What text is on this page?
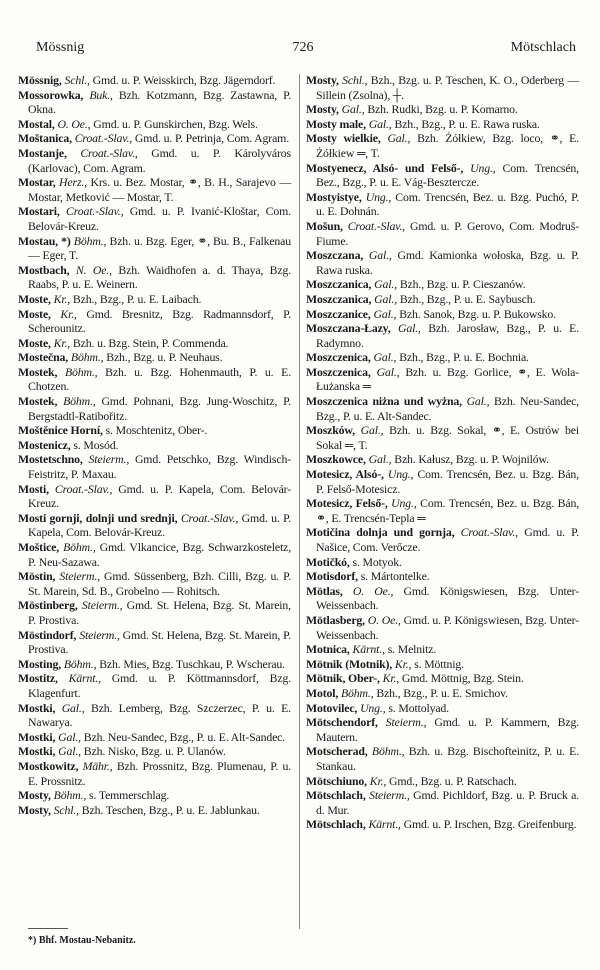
Mössnig	726	Mötschlach

Mössnig, Schl., Gmd. u. P. Weisskirch, Bzg. Jägerndorf.

Mossorowka, Buk., Bzh. Kotzmann, Bzg. Zastawna, P. Okna.

Mostal, O. Oe., Gmd. u. P. Gunskirchen, Bzg. Wels.

Moštanica, Croat.-Slav., Gmd. u. P. Petrinja, Com. Agram.

Mostanje, Croat.-Slav., Gmd. u. P. Károlyváros (Karlovac), Com. Agram.

Mostar, Herz., Krs. u. Bez. Mostar, ⚭, B. H., Sarajevo — Mostar, Metković — Mostar, T.

Mostari, Croat.-Slav., Gmd. u. P. Ivanić-Kloštar, Com. Belovár-Kreuz.

Mostau, *) Böhm., Bzh. u. Bzg. Eger, ⚭, Bu. B., Falkenau — Eger, T.

Mostbach, N. Oe., Bzh. Waidhofen a. d. Thaya, Bzg. Raabs, P. u. E. Weinern.

Moste, Kr., Bzh., Bzg., P. u. E. Laibach.

Moste, Kr., Gmd. Bresnitz, Bzg. Radmannsdorf, P. Scherounitz.

Moste, Kr., Bzh. u. Bzg. Stein, P. Commenda.

Mostečna, Böhm., Bzh., Bzg. u. P. Neuhaus.

Mostek, Böhm., Bzh. u. Bzg. Hohenmauth, P. u. E. Chotzen.

Mostek, Böhm., Gmd. Pohnani, Bzg. Jung-Woschitz, P. Bergstadtl-Ratibořitz.

Moštěnice Horní, s. Moschtenitz, Ober-.

Mostenicz, s. Mosód.

Mostetschno, Steierm., Gmd. Petschko, Bzg. Windisch-Feistritz, P. Maxau.

Mosti, Croat.-Slav., Gmd. u. P. Kapela, Com. Belovár-Kreuz.

Mosti gornji, dolnji und srednji, Croat.-Slav., Gmd. u. P. Kapela, Com. Belovár-Kreuz.

Moštice, Böhm., Gmd. Vlkancice, Bzg. Schwarzkosteletz, P. Neu-Sazawa.

Möstin, Steierm., Gmd. Süssenberg, Bzh. Cilli, Bzg. u. P. St. Marein, Sd. B., Grobelno — Rohitsch.

Möstinberg, Steierm., Gmd. St. Helena, Bzg. St. Marein, P. Prostiva.

Möstindorf, Steierm., Gmd. St. Helena, Bzg. St. Marein, P. Prostiva.

Mosting, Böhm., Bzh. Mies, Bzg. Tuschkau, P. Wscherau.

Mostitz, Kärnt., Gmd. u. P. Köttmannsdorf, Bzg. Klagenfurt.

Mostki, Gal., Bzh. Lemberg, Bzg. Szczerzec, P. u. E. Nawarya.

Mostki, Gal., Bzh. Neu-Sandec, Bzg., P. u. E. Alt-Sandec.

Mostki, Gal., Bzh. Nisko, Bzg. u. P. Ulanów.

Mostkowitz, Mähr., Bzh. Prossnitz, Bzg. Plumenau, P. u. E. Prossnitz.

Mosty, Böhm., s. Temmerschlag.

Mosty, Schl., Bzh. Teschen, Bzg., P. u. E. Jablunkau.

Mosty, Schl., Bzh., Bzg. u. P. Teschen, K. O., Oderberg — Sillein (Zsolna), ┼.

Mosty, Gal., Bzh. Rudki, Bzg. u. P. Komarno.

Mosty male, Gal., Bzh., Bzg., P. u. E. Rawa ruska.

Mosty wielkie, Gal., Bzh. Żółkiew, Bzg. loco, ⚭, E. Żółkiew ═, T.

Mostyenecz, Alsó- und Felső-, Ung., Com. Trencsén, Bez., Bzg., P. u. E. Vág-Besztercze.

Mostyistye, Ung., Com. Trencsén, Bez. u. Bzg. Puchó, P. u. E. Dohnán.

Mošun, Croat.-Slav., Gmd. u. P. Gerovo, Com. Modruš-Fiume.

Moszczana, Gal., Gmd. Kamionka wołoska, Bzg. u. P. Rawa ruska.

Moszczanica, Gal., Bzh., Bzg. u. P. Cieszanów.

Moszczanica, Gal., Bzh., Bzg., P. u. E. Saybusch.

Moszczanice, Gal., Bzh. Sanok, Bzg. u. P. Bukowsko.

Moszczana-Łazy, Gal., Bzh. Jarosław, Bzg., P. u. E. Radymno.

Moszczenica, Gal., Bzh., Bzg., P. u. E. Bochnia.

Moszczenica, Gal., Bzh. u. Bzg. Gorlice, ⚭, E. Wola-Łużanska ═

Moszczenica niżna und wyżna, Gal., Bzh. Neu-Sandec, Bzg., P. u. E. Alt-Sandec.

Moszków, Gal., Bzh. u. Bzg. Sokal, ⚭, E. Ostrów bei Sokal ═, T.

Moszkowce, Gal., Bzh. Kałusz, Bzg. u. P. Wojnilów.

Motesicz, Alsó-, Ung., Com. Trencsén, Bez. u. Bzg. Bán, P. Felső-Motesicz.

Motesicz, Felső-, Ung., Com. Trencsén, Bez. u. Bzg. Bán, ⚭, E. Trencsén-Tepla ═

Motičina dolnja und gornja, Croat.-Slav., Gmd. u. P. Našice, Com. Verőcze.

Motičkó, s. Motyok.

Motisdorf, s. Mártontelke.

Mötlas, O. Oe., Gmd. Königswiesen, Bzg. Unter-Weissenbach.

Mötlasberg, O. Oe., Gmd. u. P. Königswiesen, Bzg. Unter-Weissenbach.

Motnica, Kärnt., s. Melnitz.

Mötnik (Motnik), Kr., s. Möttnig.

Mötnik, Ober-, Kr., Gmd. Möttnig, Bzg. Stein.

Motol, Böhm., Bzh., Bzg., P. u. E. Smichov.

Motovilec, Ung., s. Mottolyad.

Mötschendorf, Steierm., Gmd. u. P. Kammern, Bzg. Mautern.

Motscherad, Böhm., Bzh. u. Bzg. Bischofteinitz, P. u. E. Stankau.

Mötschiuno, Kr., Gmd., Bzg. u. P. Ratschach.

Mötschlach, Steierm., Gmd. Pichldorf, Bzg. u. P. Bruck a. d. Mur.

Mötschlach, Kärnt., Gmd. u. P. Irschen, Bzg. Greifenburg.

*) Bhf. Mostau-Nebanitz.
